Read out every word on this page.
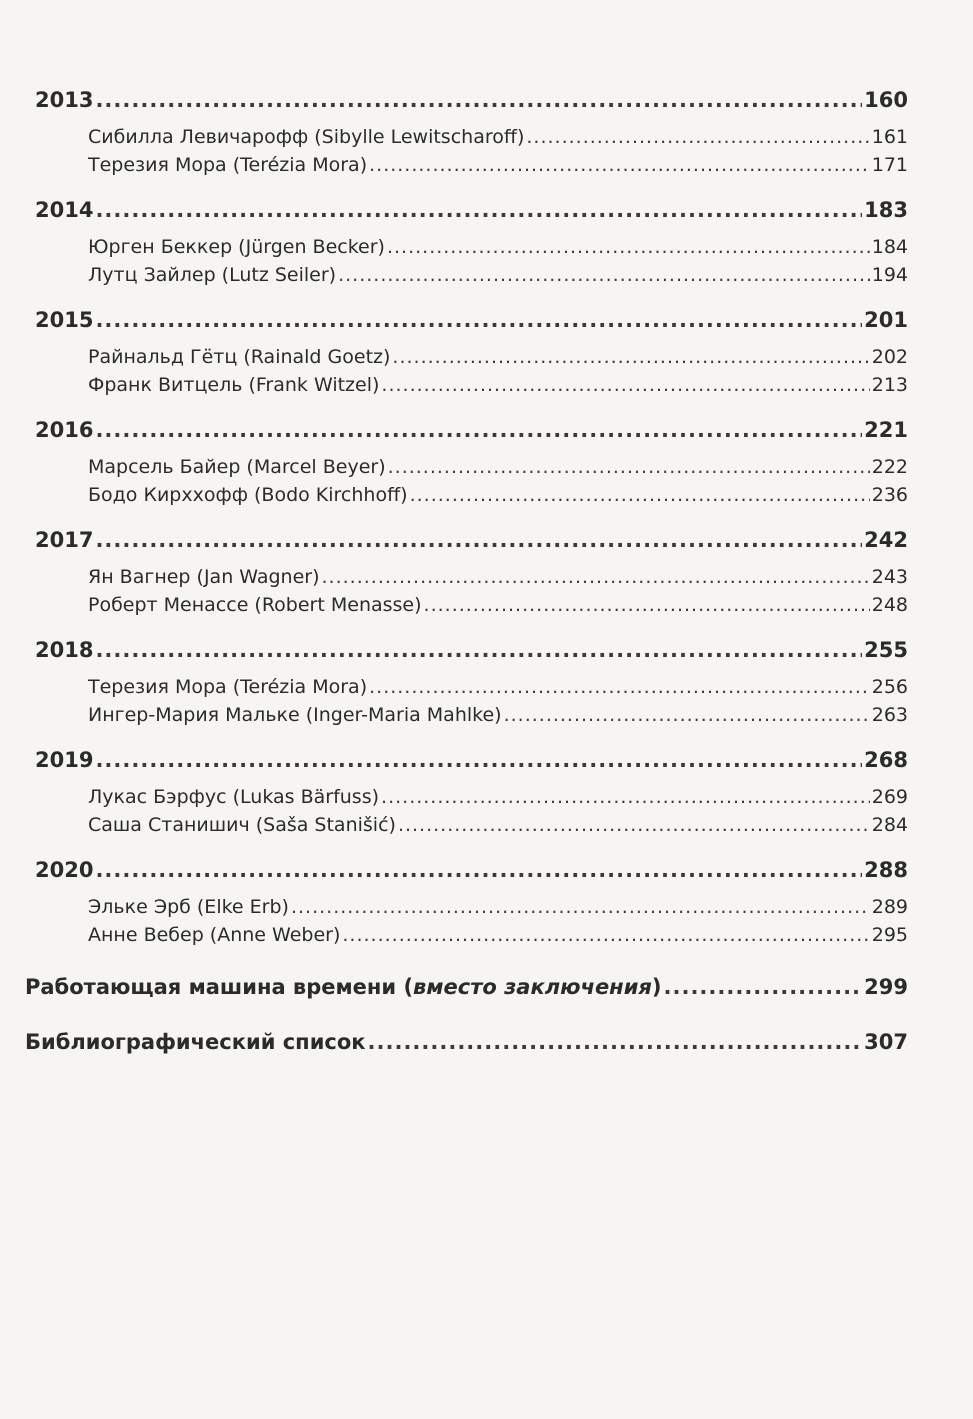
2013 .....	160
Сибилла Левичарофф (Sibylle Lewitscharoff) .....	161
Терезия Мора (Terézia Mora) .....	171
2014 .....	183
Юрген Беккер (Jürgen Becker) .....	184
Лутц Зайлер (Lutz Seiler) .....	194
2015 .....	201
Райнальд Гётц (Rainald Goetz) .....	202
Франк Витцель (Frank Witzel) .....	213
2016 .....	221
Марсель Байер (Marcel Beyer) .....	222
Бодо Кирххофф (Bodo Kirchhoff) .....	236
2017 .....	242
Ян Вагнер (Jan Wagner) .....	243
Роберт Менассе (Robert Menasse) .....	248
2018 .....	255
Терезия Мора (Terézia Mora) .....	256
Ингер-Мария Мальке (Inger-Maria Mahlke) .....	263
2019 .....	268
Лукас Бэрфус (Lukas Bärfuss) .....	269
Саша Станишич (Saša Stanišić) .....	284
2020 .....	288
Эльке Эрб (Elke Erb) .....	289
Анне Вебер (Anne Weber) .....	295
Работающая машина времени (вместо заключения) .....	299
Библиографический список .....	307
